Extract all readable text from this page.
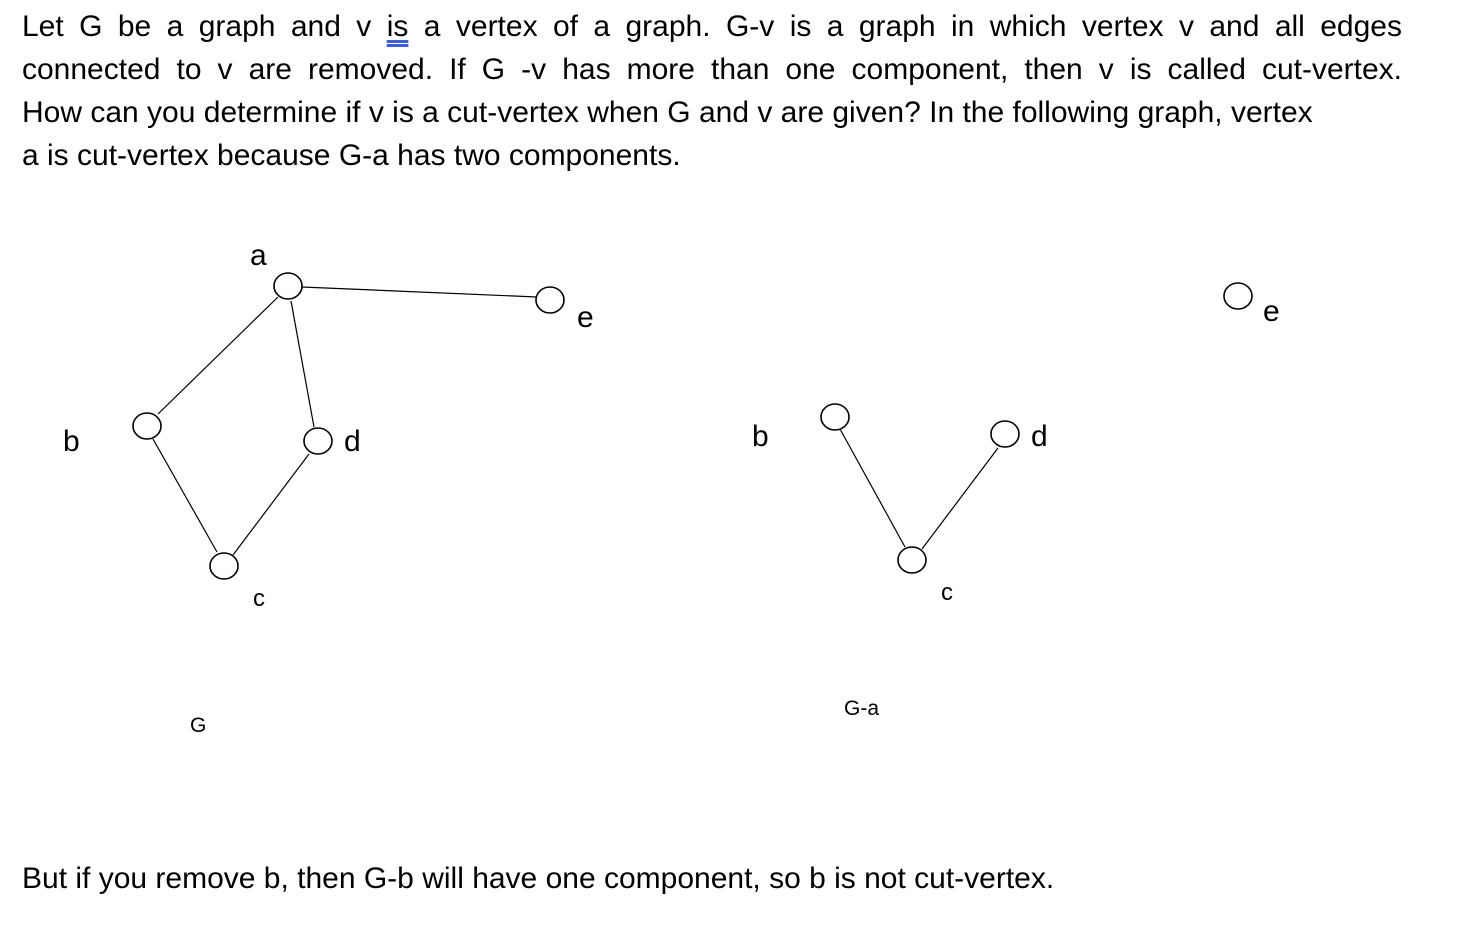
Let G be a graph and v is a vertex of a graph. G-v is a graph in which vertex v and all edges
connected to v are removed. If G -v has more than one component, then v is called cut-vertex.
How can you determine if v is a cut-vertex when G and v are given? In the following graph, vertex
a is cut-vertex because G-a has two components.
a
e
b	d
c
G
b	d
c
e
G-a

But if you remove b, then G-b will have one component, so b is not cut-vertex.
